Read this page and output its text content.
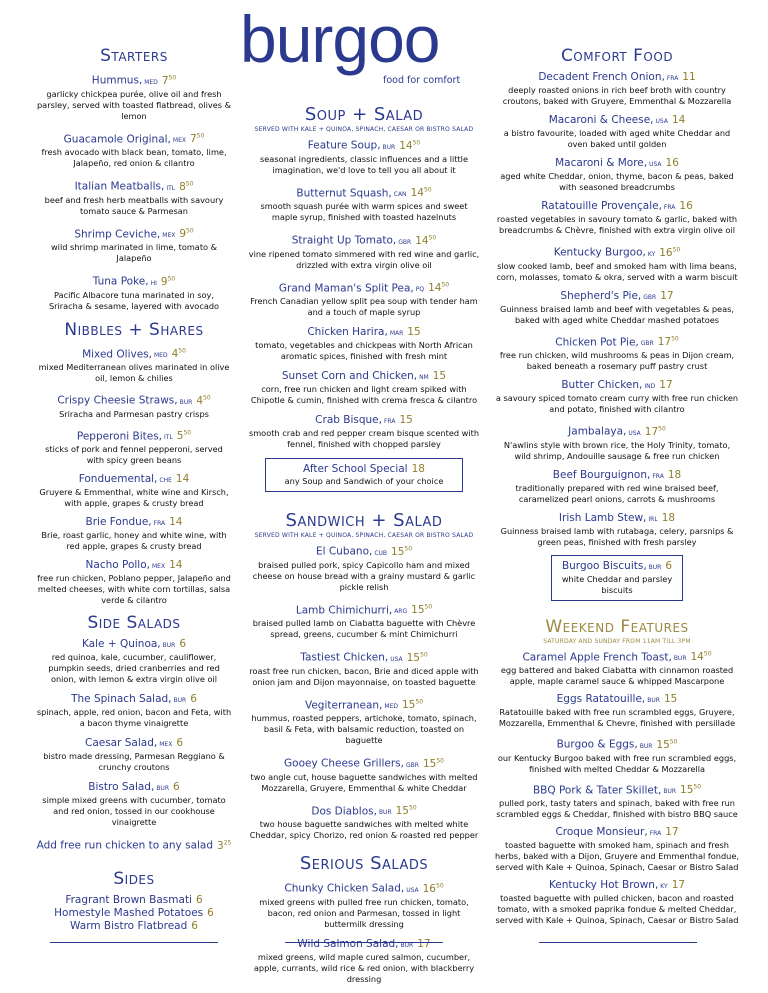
burgoo
food for comfort
Starters
Hummus, MED $7^{50}$
garlicky chickpea purée, olive oil and fresh parsley, served with toasted flatbread, olives & lemon
Guacamole Original, MEX $7^{50}$
fresh avocado with black bean, tomato, lime, Jalapeño, red onion & cilantro
Italian Meatballs, ITL $8^{50}$
beef and fresh herb meatballs with savoury tomato sauce & Parmesan
Shrimp Ceviche, MEX $9^{50}$
wild shrimp marinated in lime, tomato & Jalapeño
Tuna Poke, HI $9^{50}$
Pacific Albacore tuna marinated in soy, Sriracha & sesame, layered with avocado
Nibbles + Shares
Mixed Olives, MED $4^{50}$
mixed Mediterranean olives marinated in olive oil, lemon & chilies
Crispy Cheesie Straws, BUR $4^{50}$
Sriracha and Parmesan pastry crisps
Pepperoni Bites, ITL $5^{50}$
sticks of pork and fennel pepperoni, served with spicy green beans
Fonduemental, CHE 14
Gruyere & Emmenthal, white wine and Kirsch, with apple, grapes & crusty bread
Brie Fondue, FRA 14
Brie, roast garlic, honey and white wine, with red apple, grapes & crusty bread
Nacho Pollo, MEX 14
free run chicken, Poblano pepper, Jalapeño and melted cheeses, with white corn tortillas, salsa verde & cilantro
Side Salads
Kale + Quinoa, BUR 6
red quinoa, kale, cucumber, cauliflower, pumpkin seeds, dried cranberries and red onion, with lemon & extra virgin olive oil
The Spinach Salad, BUR 6
spinach, apple, red onion, bacon and Feta, with a bacon thyme vinaigrette
Caesar Salad, MEX 6
bistro made dressing, Parmesan Reggiano & crunchy croutons
Bistro Salad, BUR 6
simple mixed greens with cucumber, tomato and red onion, tossed in our cookhouse vinaigrette
Add free run chicken to any salad $3^{25}$
Sides
Fragrant Brown Basmati 6
Homestyle Mashed Potatoes 6
Warm Bistro Flatbread 6
Soup + Salad
SERVED WITH KALE + QUINOA, SPINACH, CAESAR OR BISTRO SALAD
Feature Soup, BUR $14^{50}$
seasonal ingredients, classic influences and a little imagination, we'd love to tell you all about it
Butternut Squash, CAN $14^{50}$
smooth squash purée with warm spices and sweet maple syrup, finished with toasted hazelnuts
Straight Up Tomato, GBR $14^{50}$
vine ripened tomato simmered with red wine and garlic, drizzled with extra virgin olive oil
Grand Maman's Split Pea, PQ $14^{50}$
French Canadian yellow split pea soup with tender ham and a touch of maple syrup
Chicken Harira, MAR 15
tomato, vegetables and chickpeas with North African aromatic spices, finished with fresh mint
Sunset Corn and Chicken, NM 15
corn, free run chicken and light cream spiked with Chipotle & cumin, finished with crema fresca & cilantro
Crab Bisque, FRA 15
smooth crab and red pepper cream bisque scented with fennel, finished with chopped parsley
After School Special 18
any Soup and Sandwich of your choice
Sandwich + Salad
SERVED WITH KALE + QUINOA, SPINACH, CAESAR OR BISTRO SALAD
El Cubano, CUB $15^{50}$
braised pulled pork, spicy Capicollo ham and mixed cheese on house bread with a grainy mustard & garlic pickle relish
Lamb Chimichurri, ARG $15^{50}$
braised pulled lamb on Ciabatta baguette with Chèvre spread, greens, cucumber & mint Chimichurri
Tastiest Chicken, USA $15^{50}$
roast free run chicken, bacon, Brie and diced apple with onion jam and Dijon mayonnaise, on toasted baguette
Vegiterranean, MED $15^{50}$
hummus, roasted peppers, artichoke, tomato, spinach, basil & Feta, with balsamic reduction, toasted on baguette
Gooey Cheese Grillers, GBR $15^{50}$
two angle cut, house baguette sandwiches with melted Mozzarella, Gruyere, Emmenthal & white Cheddar
Dos Diablos, BUR $15^{50}$
two house baguette sandwiches with melted white Cheddar, spicy Chorizo, red onion & roasted red pepper
Serious Salads
Chunky Chicken Salad, USA $16^{50}$
mixed greens with pulled free run chicken, tomato, bacon, red onion and Parmesan, tossed in light buttermilk dressing
Wild Salmon Salad, BUR 17
mixed greens, wild maple cured salmon, cucumber, apple, currants, wild rice & red onion, with blackberry dressing
Comfort Food
Decadent French Onion, FRA 11
deeply roasted onions in rich beef broth with country croutons, baked with Gruyere, Emmenthal & Mozzarella
Macaroni & Cheese, USA 14
a bistro favourite, loaded with aged white Cheddar and oven baked until golden
Macaroni & More, USA 16
aged white Cheddar, onion, thyme, bacon & peas, baked with seasoned breadcrumbs
Ratatouille Provençale, FRA 16
roasted vegetables in savoury tomato & garlic, baked with breadcrumbs & Chèvre, finished with extra virgin olive oil
Kentucky Burgoo, KY $16^{50}$
slow cooked lamb, beef and smoked ham with lima beans, corn, molasses, tomato & okra, served with a warm biscuit
Shepherd's Pie, GBR 17
Guinness braised lamb and beef with vegetables & peas, baked with aged white Cheddar mashed potatoes
Chicken Pot Pie, GBR $17^{50}$
free run chicken, wild mushrooms & peas in Dijon cream, baked beneath a rosemary puff pastry crust
Butter Chicken, IND 17
a savoury spiced tomato cream curry with free run chicken and potato, finished with cilantro
Jambalaya, USA $17^{50}$
N'awlins style with brown rice, the Holy Trinity, tomato, wild shrimp, Andouille sausage & free run chicken
Beef Bourguignon, FRA 18
traditionally prepared with red wine braised beef, caramelized pearl onions, carrots & mushrooms
Irish Lamb Stew, IRL 18
Guinness braised lamb with rutabaga, celery, parsnips & green peas, finished with fresh parsley
Burgoo Biscuits, BUR 6
white Cheddar and parsley biscuits
Weekend Features
SATURDAY AND SUNDAY FROM 11AM TILL 3PM
Caramel Apple French Toast, BUR $14^{50}$
egg battered and baked Ciabatta with cinnamon roasted apple, maple caramel sauce & whipped Mascarpone
Eggs Ratatouille, BUR 15
Ratatouille baked with free run scrambled eggs, Gruyere, Mozzarella, Emmenthal & Chevre, finished with persillade
Burgoo & Eggs, BUR $15^{50}$
our Kentucky Burgoo baked with free run scrambled eggs, finished with melted Cheddar & Mozzarella
BBQ Pork & Tater Skillet, BUR $15^{50}$
pulled pork, tasty taters and spinach, baked with free run scrambled eggs & Cheddar, finished with bistro BBQ sauce
Croque Monsieur, FRA 17
toasted baguette with smoked ham, spinach and fresh herbs, baked with a Dijon, Gruyere and Emmenthal fondue, served with Kale + Quinoa, Spinach, Caesar or Bistro Salad
Kentucky Hot Brown, KY 17
toasted baguette with pulled chicken, bacon and roasted tomato, with a smoked paprika fondue & melted Cheddar, served with Kale + Quinoa, Spinach, Caesar or Bistro Salad
